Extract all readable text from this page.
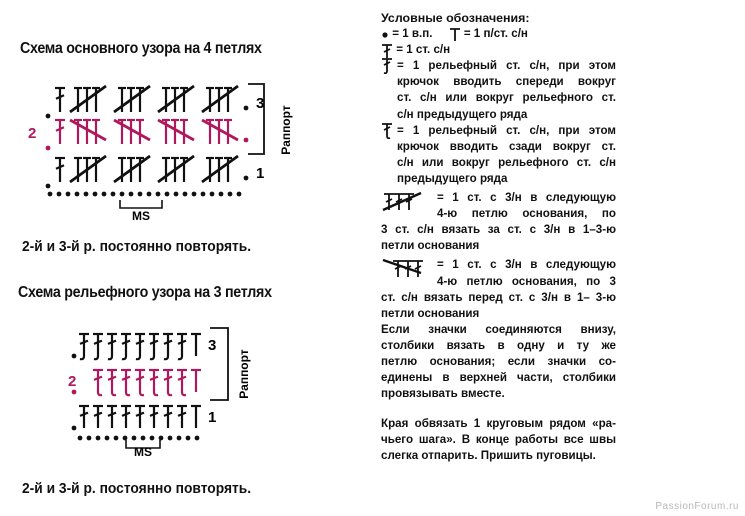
Схема основного узора на 4 петлях
3
2
1
Раппорт
MS
2-й и 3-й р. постоянно повторять.
Схема рельефного узора на 3 петлях
3
2
1
Раппорт
MS
2-й и 3-й р. постоянно повторять.
Условные обозначения:
= 1 в.п.	= 1 п/ст. с/н
= 1 ст. с/н
= 1 рельефный ст. с/н, при этом
крючок вводить спереди вокруг
ст. с/н или вокруг рельефного ст.
с/н предыдущего ряда
= 1 рельефный ст. с/н, при этом
крючок вводить сзади вокруг ст.
с/н или вокруг рельефного ст. с/н
предыдущего ряда
= 1 ст. с 3/н в следующую
4-ю петлю основания, по
3 ст. с/н вязать за ст. с 3/н в 1–3-ю
петли основания
= 1 ст. с 3/н в следующую
4-ю петлю основания, по 3
ст. с/н вязать перед ст. с 3/н в 1– 3-ю
петли основания
Если значки соединяются внизу,
столбики вязать в одну и ту же
петлю основания; если значки со-
единены в верхней части, столбики
провязывать вместе.
Края обвязать 1 круговым рядом «ра-
чьего шага». В конце работы все швы
слегка отпарить. Пришить пуговицы.
PassionForum.ru
